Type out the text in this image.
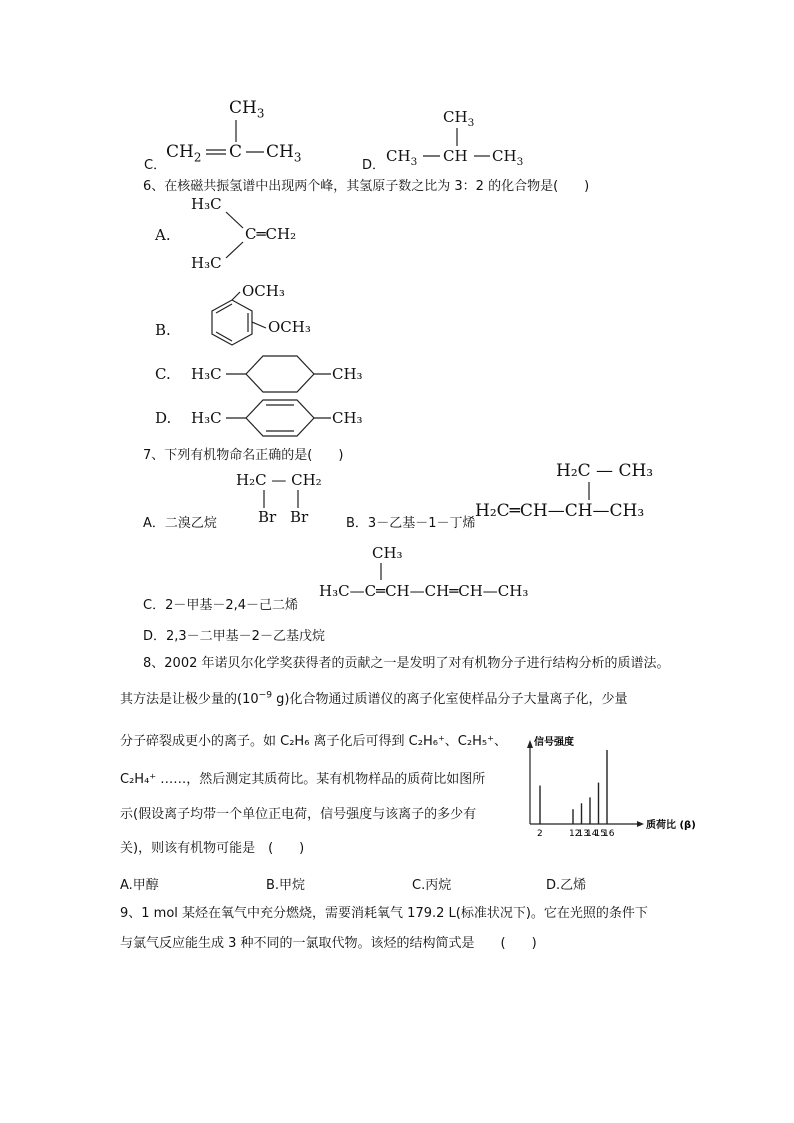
C．
$CH_3$
$CH_2$ C $CH_3$
D．
$CH_3$
$CH_3$ CH $CH_3$
6、在核磁共振氢谱中出现两个峰，其氢原子数之比为 3：2 的化合物是(　　)
A.
H₃C
H₃C
C═CH₂
B.
OCH₃
OCH₃
C. H₃C	CH₃
D. H₃C	CH₃
7、下列有机物命名正确的是(　　)
H₂C — CH₂
Br Br
A．二溴乙烷	B．3－乙基－1－丁烯
H₂C — CH₃
H₂C═CH—CH—CH₃
CH₃
H₃C—C═CH—CH═CH—CH₃
C．2－甲基－2,4－己二烯
D．2,3－二甲基－2－乙基戊烷
8、2002 年诺贝尔化学奖获得者的贡献之一是发明了对有机物分子进行结构分析的质谱法。
其方法是让极少量的($10^{-9}$ g)化合物通过质谱仪的离子化室使样品分子大量离子化，少量
分子碎裂成更小的离子。如 C₂H₆ 离子化后可得到 C₂H₆⁺、C₂H₅⁺、
C₂H₄⁺ ……，然后测定其质荷比。某有机物样品的质荷比如图所
示(假设离子均带一个单位正电荷，信号强度与该离子的多少有
关)，则该有机物可能是　(　　)
信号强度
质荷比 (β)
2	12
13
14
15
16
A.甲醇	B.甲烷	C.丙烷	D.乙烯
9、1 mol 某烃在氧气中充分燃烧，需要消耗氧气 179.2 L(标准状况下)。它在光照的条件下
与氯气反应能生成 3 种不同的一氯取代物。该烃的结构简式是　　(　　)
